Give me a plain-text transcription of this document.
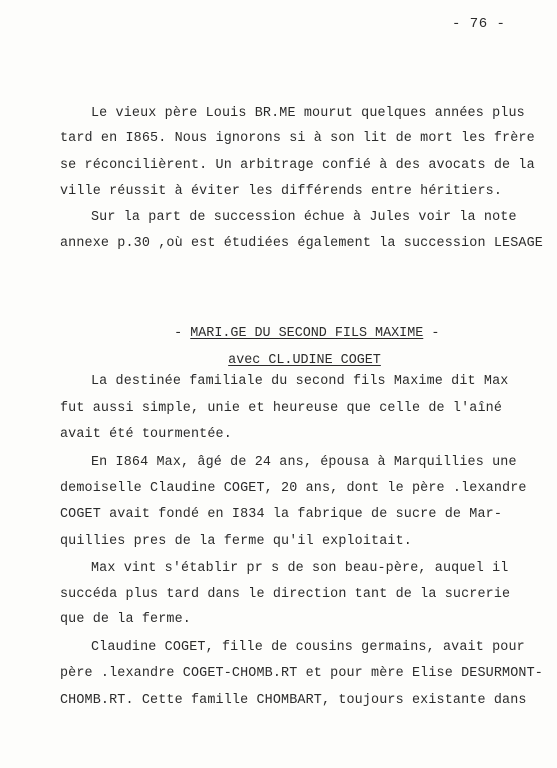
- 76 -
Le vieux père Louis BR.ME mourut quelques années plus
tard en I865. Nous ignorons si à son lit de mort les frère
se réconcilièrent. Un arbitrage confié à des avocats de la
ville réussit à éviter les différends entre héritiers.
Sur la part de succession échue à Jules voir la note
annexe p.30 ,où est étudiées également la succession LESAGE

- MARI.GE DU SECOND FILS MAXIME -

avec CL.UDINE COGET

La destinée familiale du second fils Maxime dit Max
fut aussi simple, unie et heureuse que celle de l'aîné
avait été tourmentée.
En I864 Max, âgé de 24 ans, épousa à Marquillies une
demoiselle Claudine COGET, 20 ans, dont le père .lexandre
COGET avait fondé en I834 la fabrique de sucre de Mar-
quillies pres de la ferme qu'il exploitait.
Max vint s'établir pr s de son beau-père, auquel il
succéda plus tard dans le direction tant de la sucrerie
que de la ferme.
Claudine COGET, fille de cousins germains, avait pour
père .lexandre COGET-CHOMB.RT et pour mère Elise DESURMONT-
CHOMB.RT. Cette famille CHOMBART, toujours existante dans
